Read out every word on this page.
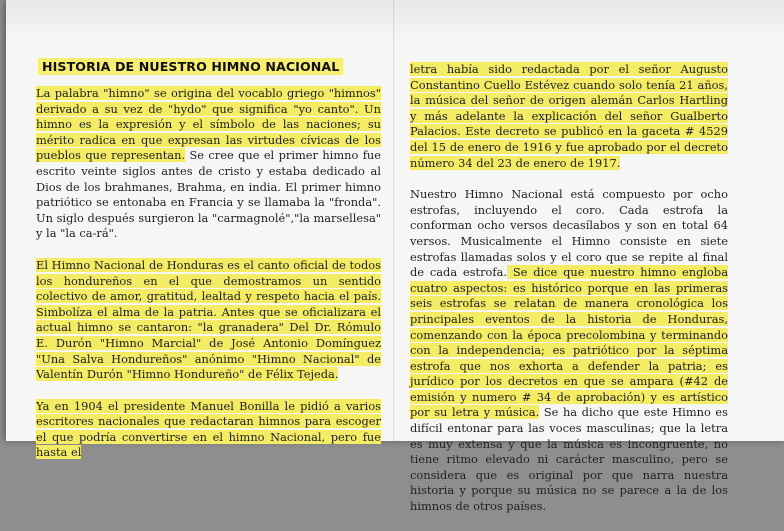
HISTORIA DE NUESTRO HIMNO NACIONAL

La palabra "himno" se origina del vocablo griego "himnos" derivado a su vez de "hydo" que significa "yo canto". Un himno es la expresión y el símbolo de las naciones; su mérito radica en que expresan las virtudes cívicas de los pueblos que representan. Se cree que el primer himno fue escrito veinte siglos antes de cristo y estaba dedicado al Dios de los brahmanes, Brahma, en india. El primer himno patriótico se entonaba en Francia y se llamaba la "fronda". Un siglo después surgieron la "carmagnolé","la marsellesa" y la "la ca-rá".

El Himno Nacional de Honduras es el canto oficial de todos los hondureños en el que demostramos un sentido colectivo de amor, gratitud, lealtad y respeto hacia el país. Simbolíza el alma de la patria. Antes que se oficializara el actual himno se cantaron: "la granadera" Del Dr. Rómulo E. Durón "Himno Marcial" de José Antonio Domínguez "Una Salva Hondureños" anónimo "Himno Nacional" de Valentín Durón "Himno Hondureño" de Félix Tejeda.

Ya en 1904 el presidente Manuel Bonilla le pidió a varios escritores nacionales que redactaran himnos para escoger el que podría convertirse en el himno Nacional, pero fue hasta el

letra había sido redactada por el señor Augusto Constantino Cuello Estévez cuando solo tenía 21 años, la música del señor de origen alemán Carlos Hartling y más adelante la explicación del señor Gualberto Palacios. Este decreto se publicó en la gaceta # 4529 del 15 de enero de 1916 y fue aprobado por el decreto número 34 del 23 de enero de 1917.

Nuestro Himno Nacional está compuesto por ocho estrofas, incluyendo el coro. Cada estrofa la conforman ocho versos decasílabos y son en total 64 versos. Musicalmente el Himno consiste en siete estrofas llamadas solos y el coro que se repite al final de cada estrofa. Se dice que nuestro himno engloba cuatro aspectos: es histórico porque en las primeras seis estrofas se relatan de manera cronológica los principales eventos de la historia de Honduras, comenzando con la época precolombina y terminando con la independencia; es patriótico por la séptima estrofa que nos exhorta a defender la patria; es jurídico por los decretos en que se ampara (#42 de emisión y numero # 34 de aprobación) y es artístico por su letra y música. Se ha dicho que este Himno es difícil entonar para las voces masculinas; que la letra es muy extensa y que la música es incongruente, no tiene ritmo elevado ni carácter masculino, pero se considera que es original por que narra nuestra historia y porque su música no se parece a la de los himnos de otros países.
